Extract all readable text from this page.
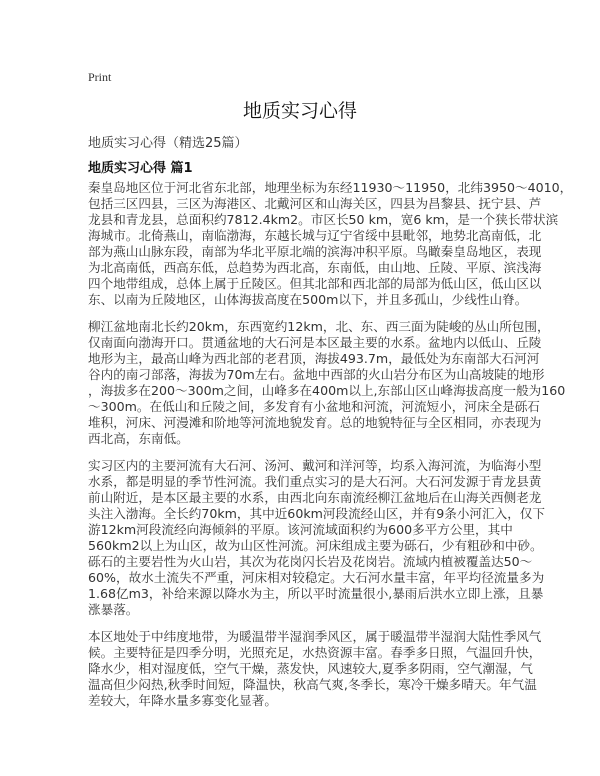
Print
地质实习心得
地质实习心得（精选25篇）
地质实习心得 篇1
秦皇岛地区位于河北省东北部，地理坐标为东经11930～11950，北纬3950～4010，
包括三区四县，三区为海港区、北戴河区和山海关区，四县为昌黎县、抚宁县、芦
龙县和青龙县，总面积约7812.4km2。市区长50 km，宽6 km，是一个狭长带状滨
海城市。北倚燕山，南临渤海，东越长城与辽宁省绥中县毗邻，地势北高南低，北
部为燕山山脉东段，南部为华北平原北端的滨海冲积平原。鸟瞰秦皇岛地区，表现
为北高南低，西高东低，总趋势为西北高，东南低，由山地、丘陵、平原、滨浅海
四个地带组成，总体上属于丘陵区。但其北部和西北部的局部为低山区，低山区以
东、以南为丘陵地区，山体海拔高度在500m以下，并且多孤山，少线性山脊。
柳江盆地南北长约20km，东西宽约12km，北、东、西三面为陡峻的丛山所包围，
仅南面向渤海开口。贯通盆地的大石河是本区最主要的水系。盆地内以低山、丘陵
地形为主，最高山峰为西北部的老君顶，海拔493.7m，最低处为东南部大石河河
谷内的南刁部落，海拔为70m左右。盆地中西部的火山岩分布区为山高坡陡的地形
，海拔多在200～300m之间，山峰多在400m以上,东部山区山峰海拔高度一般为160
～300m。在低山和丘陵之间，多发育有小盆地和河流，河流短小，河床全是砾石
堆积，河床、河漫滩和阶地等河流地貌发育。总的地貌特征与全区相同，亦表现为
西北高，东南低。
实习区内的主要河流有大石河、汤河、戴河和洋河等，均系入海河流，为临海小型
水系，都是明显的季节性河流。我们重点实习的是大石河。大石河发源于青龙县黄
前山附近，是本区最主要的水系，由西北向东南流经柳江盆地后在山海关西侧老龙
头注入渤海。全长约70km，其中近60km河段流经山区，并有9条小河汇入，仅下
游12km河段流经向海倾斜的平原。该河流域面积约为600多平方公里，其中
560km2以上为山区，故为山区性河流。河床组成主要为砾石，少有粗砂和中砂。
砾石的主要岩性为火山岩，其次为花岗闪长岩及花岗岩。流域内植被覆盖达50～
60%，故水土流失不严重，河床相对较稳定。大石河水量丰富，年平均径流量多为
1.68亿m3，补给来源以降水为主，所以平时流量很小,暴雨后洪水立即上涨，且暴
涨暴落。
本区地处于中纬度地带，为暖温带半湿润季风区，属于暖温带半湿润大陆性季风气
候。主要特征是四季分明，光照充足，水热资源丰富。春季多日照，气温回升快，
降水少，相对湿度低，空气干燥，蒸发快，风速较大,夏季多阴雨，空气潮湿，气
温高但少闷热,秋季时间短，降温快，秋高气爽,冬季长，寒冷干燥多晴天。年气温
差较大，年降水量多寡变化显著。
